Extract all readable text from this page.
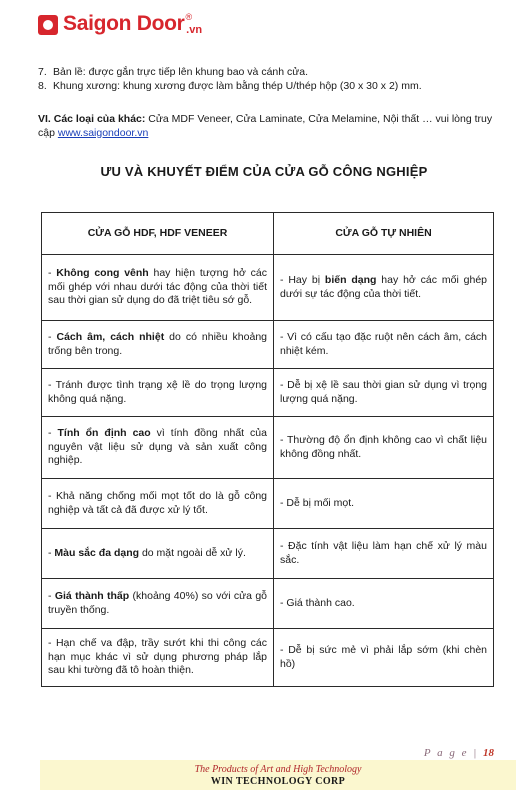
Saigon Door ®
.vn
7. Bản lề: được gắn trực tiếp lên khung bao và cánh cửa.
8. Khung xương: khung xương được làm bằng thép U/thép hộp (30 x 30 x 2) mm.
VI. Các loại của khác: Cửa MDF Veneer, Cửa Laminate, Cửa Melamine, Nội thất … vui lòng truy cập www.saigondoor.vn
ƯU VÀ KHUYẾT ĐIỂM CỦA CỬA GỖ CÔNG NGHIỆP
CỬA GỖ HDF, HDF VENEER	CỬA GỖ TỰ NHIÊN
- Không cong vênh hay hiện tượng hở các mối ghép với nhau dưới tác động của thời tiết sau thời gian sử dụng do đã triệt tiêu sớ gỗ.	- Hay bị biến dạng hay hở các mối ghép dưới sự tác động của thời tiết.
- Cách âm, cách nhiệt do có nhiều khoảng trống bên trong.	- Vì có cấu tạo đặc ruột nên cách âm, cách nhiệt kém.
- Tránh được tình trạng xệ lề do trọng lượng không quá nặng.	- Dễ bị xệ lề sau thời gian sử dụng vì trọng lượng quá nặng.
- Tính ổn định cao vì tính đồng nhất của nguyên vật liệu sử dụng và sản xuất công nghiệp.	- Thường độ ổn định không cao vì chất liệu không đồng nhất.
- Khả năng chống mối mọt tốt do là gỗ công nghiệp và tất cả đã được xử lý tốt.	- Dễ bị mối mọt.
- Màu sắc đa dạng do mặt ngoài dễ xử lý.	- Đặc tính vật liệu làm hạn chế xử lý màu sắc.
- Giá thành thấp (khoảng 40%) so với cửa gỗ truyền thống.	- Giá thành cao.
- Hạn chế va đập, trầy sướt khi thi công các hạn mục khác vì sử dụng phương pháp lắp sau khi tường đã tô hoàn thiện.	- Dễ bị sức mẻ vì phải lắp sớm (khi chèn hồ)
P a g e | 18
The Products of Art and High Technology
WIN TECHNOLOGY CORP
